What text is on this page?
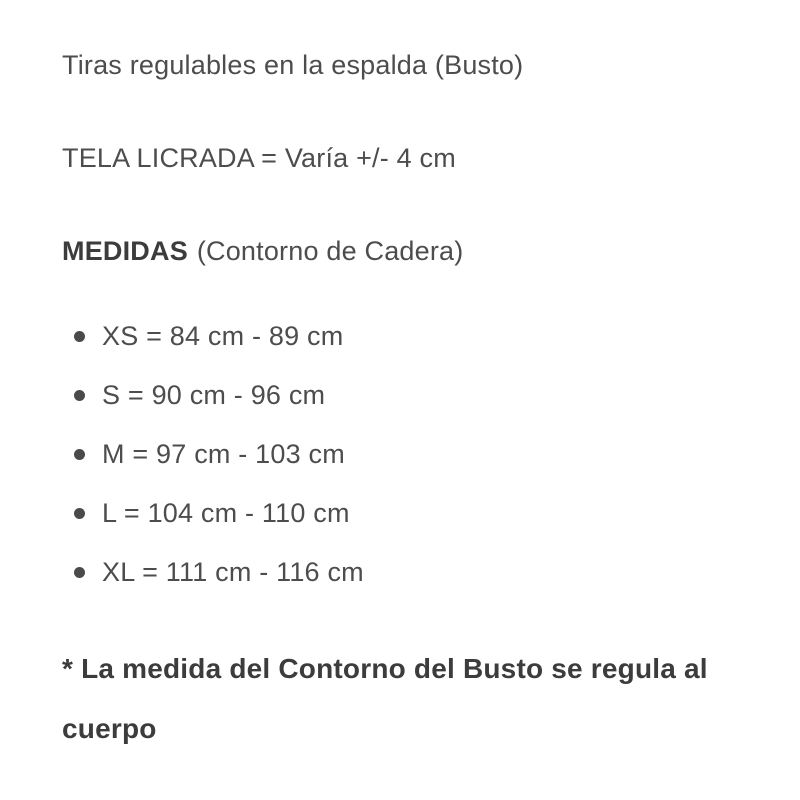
Tiras regulables en la espalda (Busto)

TELA LICRADA = Varía +/- 4 cm

MEDIDAS (Contorno de Cadera)

XS = 84 cm - 89 cm
S = 90 cm - 96 cm
M = 97 cm - 103 cm
L = 104 cm - 110 cm
XL = 111 cm - 116 cm

* La medida del Contorno del Busto se regula al cuerpo
